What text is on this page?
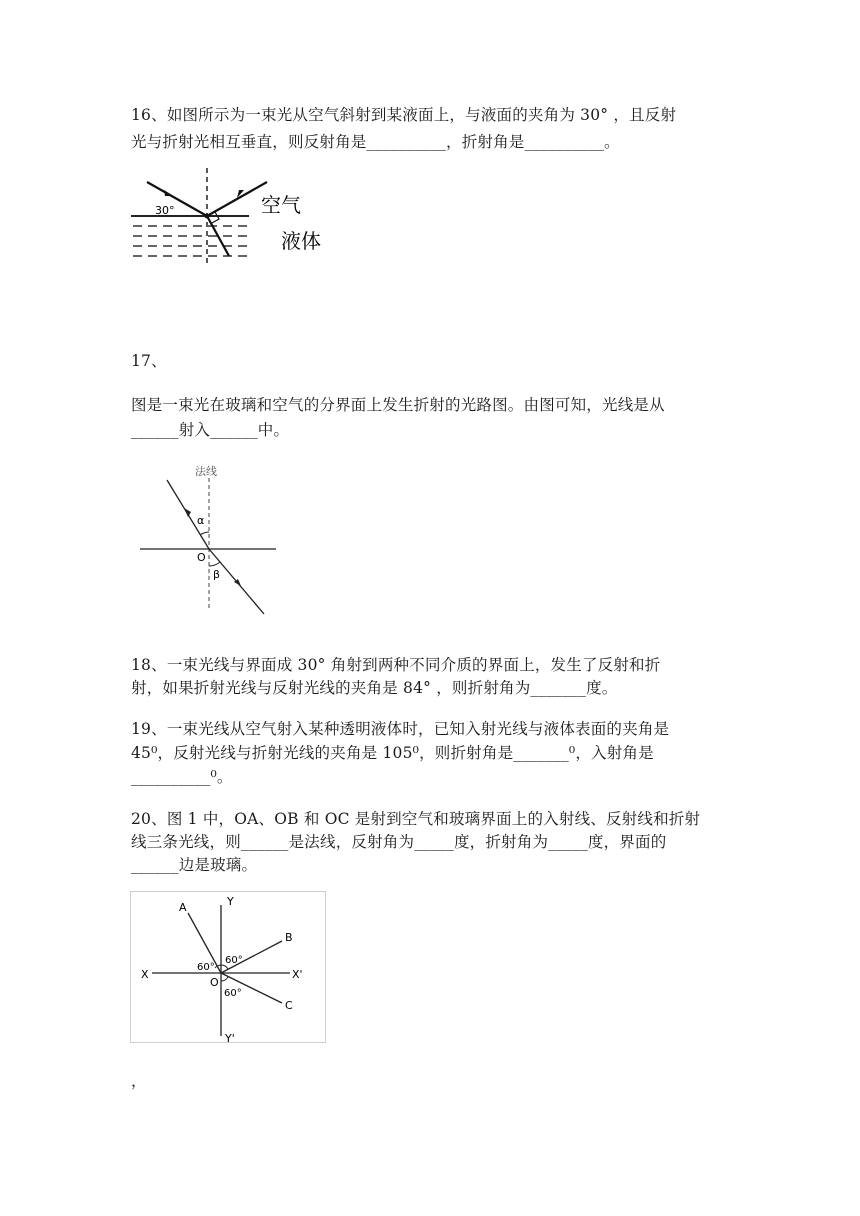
16、如图所示为一束光从空气斜射到某液面上，与液面的夹角为 30° ，且反射
光与折射光相互垂直，则反射角是__________，折射角是__________。
30°	空气
液体
17、
图是一束光在玻璃和空气的分界面上发生折射的光路图。由图可知，光线是从
______射入______中。
法线
α
O
β
18、一束光线与界面成 30° 角射到两种不同介质的界面上，发生了反射和折
射，如果折射光线与反射光线的夹角是 84° ，则折射角为_______度。
19、一束光线从空气射入某种透明液体时，已知入射光线与液体表面的夹角是
45⁰，反射光线与折射光线的夹角是 105⁰，则折射角是_______⁰，入射角是
__________⁰。
20、图 1 中，OA、OB 和 OC 是射到空气和玻璃界面上的入射线、反射线和折射
线三条光线，则______是法线，反射角为_____度，折射角为_____度，界面的
______边是玻璃。
A	Y
B
X	X'
O
C
Y'
60°
60°
60°
，
